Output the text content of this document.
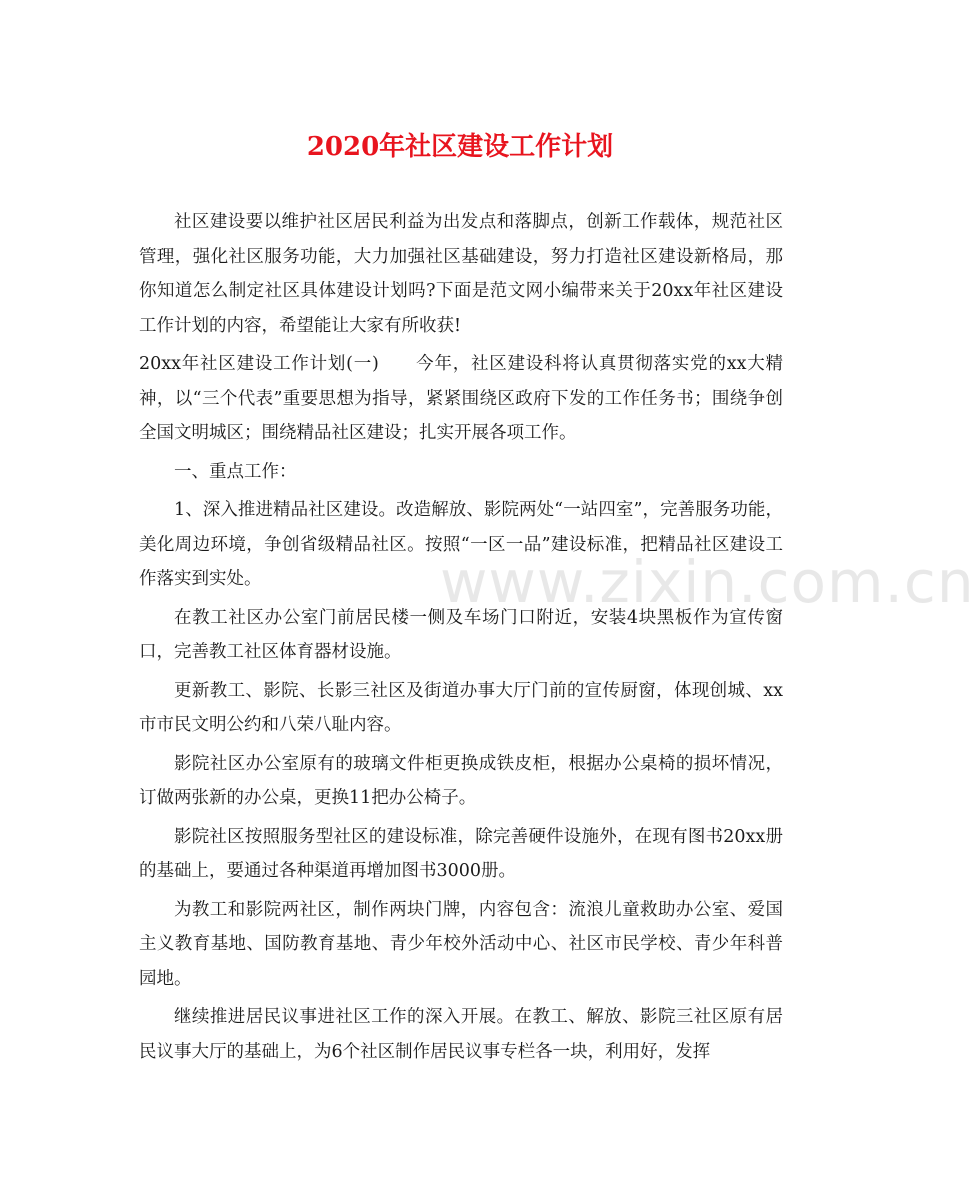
2020年社区建设工作计划

社区建设要以维护社区居民利益为出发点和落脚点，创新工作载体，规范社区管理，强化社区服务功能，大力加强社区基础建设，努力打造社区建设新格局，那你知道怎么制定社区具体建设计划吗?下面是范文网小编带来关于20xx年社区建设工作计划的内容，希望能让大家有所收获!

20xx年社区建设工作计划(一)　　今年，社区建设科将认真贯彻落实党的xx大精神，以“三个代表”重要思想为指导，紧紧围绕区政府下发的工作任务书；围绕争创全国文明城区；围绕精品社区建设；扎实开展各项工作。

一、重点工作：

1、深入推进精品社区建设。改造解放、影院两处“一站四室”，完善服务功能，美化周边环境，争创省级精品社区。按照“一区一品”建设标准，把精品社区建设工作落实到实处。

在教工社区办公室门前居民楼一侧及车场门口附近，安装4块黑板作为宣传窗口，完善教工社区体育器材设施。

更新教工、影院、长影三社区及街道办事大厅门前的宣传厨窗，体现创城、xx市市民文明公约和八荣八耻内容。

影院社区办公室原有的玻璃文件柜更换成铁皮柜，根据办公桌椅的损坏情况，订做两张新的办公桌，更换11把办公椅子。

影院社区按照服务型社区的建设标准，除完善硬件设施外，在现有图书20xx册的基础上，要通过各种渠道再增加图书3000册。

为教工和影院两社区，制作两块门牌，内容包含：流浪儿童救助办公室、爱国主义教育基地、国防教育基地、青少年校外活动中心、社区市民学校、青少年科普园地。

继续推进居民议事进社区工作的深入开展。在教工、解放、影院三社区原有居民议事大厅的基础上，为6个社区制作居民议事专栏各一块，利用好，发挥

www.zixin.com.cn
